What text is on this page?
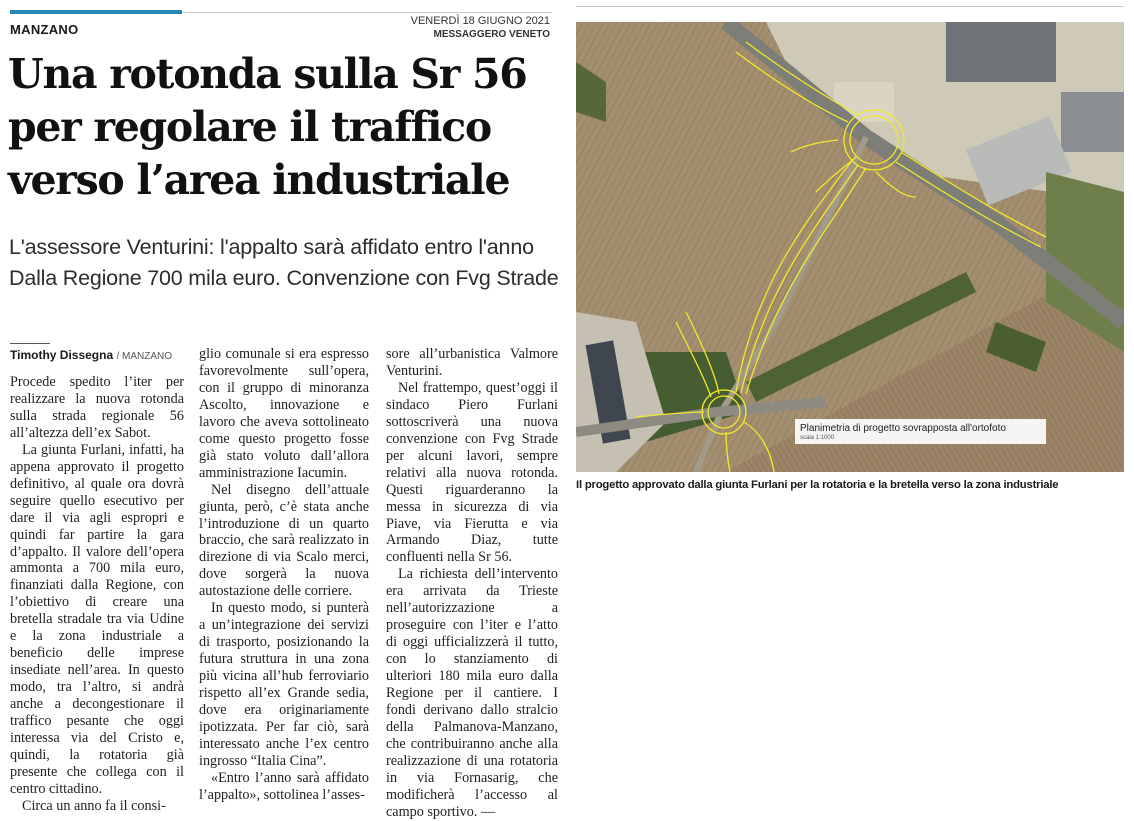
MANZANO
VENERDÌ 18 GIUGNO 2021
MESSAGGERO VENETO
Una rotonda sulla Sr 56
per regolare il traffico
verso l’area industriale
L'assessore Venturini: l'appalto sarà affidato entro l'anno
Dalla Regione 700 mila euro. Convenzione con Fvg Strade
Timothy Dissegna / MANZANO

Procede spedito l’iter per realizzare la nuova rotonda sulla strada regionale 56 all’altezza dell’ex Sabot.

La giunta Furlani, infatti, ha appena approvato il progetto definitivo, al quale ora dovrà seguire quello esecutivo per dare il via agli espropri e quindi far partire la gara d’appalto. Il valore dell’opera ammonta a 700 mila euro, finanziati dalla Regione, con l’obiettivo di creare una bretella stradale tra via Udine e la zona industriale a beneficio delle imprese insediate nell’area. In questo modo, tra l’altro, si andrà anche a decongestionare il traffico pesante che oggi interessa via del Cristo e, quindi, la rotatoria già presente che collega con il centro cittadino.

Circa un anno fa il consi-

glio comunale si era espresso favorevolmente sull’opera, con il gruppo di minoranza Ascolto, innovazione e lavoro che aveva sottolineato come questo progetto fosse già stato voluto dall’allora amministrazione Iacumin.

Nel disegno dell’attuale giunta, però, c’è stata anche l’introduzione di un quarto braccio, che sarà realizzato in direzione di via Scalo merci, dove sorgerà la nuova autostazione delle corriere.

In questo modo, si punterà a un’integrazione dei servizi di trasporto, posizionando la futura struttura in una zona più vicina all’hub ferroviario rispetto all’ex Grande sedia, dove era originariamente ipotizzata. Per far ciò, sarà interessato anche l’ex centro ingrosso “Italia Cina”.

«Entro l’anno sarà affidato l’appalto», sottolinea l’asses-

sore all’urbanistica Valmore Venturini.

Nel frattempo, quest’oggi il sindaco Piero Furlani sottoscriverà una nuova convenzione con Fvg Strade per alcuni lavori, sempre relativi alla nuova rotonda. Questi riguarderanno la messa in sicurezza di via Piave, via Fierutta e via Armando Diaz, tutte confluenti nella Sr 56.

La richiesta dell’intervento era arrivata da Trieste nell’autorizzazione a proseguire con l’iter e l’atto di oggi ufficializzerà il tutto, con lo stanziamento di ulteriori 180 mila euro dalla Regione per il cantiere. I fondi derivano dallo stralcio della Palmanova-Manzano, che contribuiranno anche alla realizzazione di una rotatoria in via Fornasarig, che modificherà l’accesso al campo sportivo. —

Planimetria di progetto sovrapposta all'ortofoto
scala 1:1000
Il progetto approvato dalla giunta Furlani per la rotatoria e la bretella verso la zona industriale
